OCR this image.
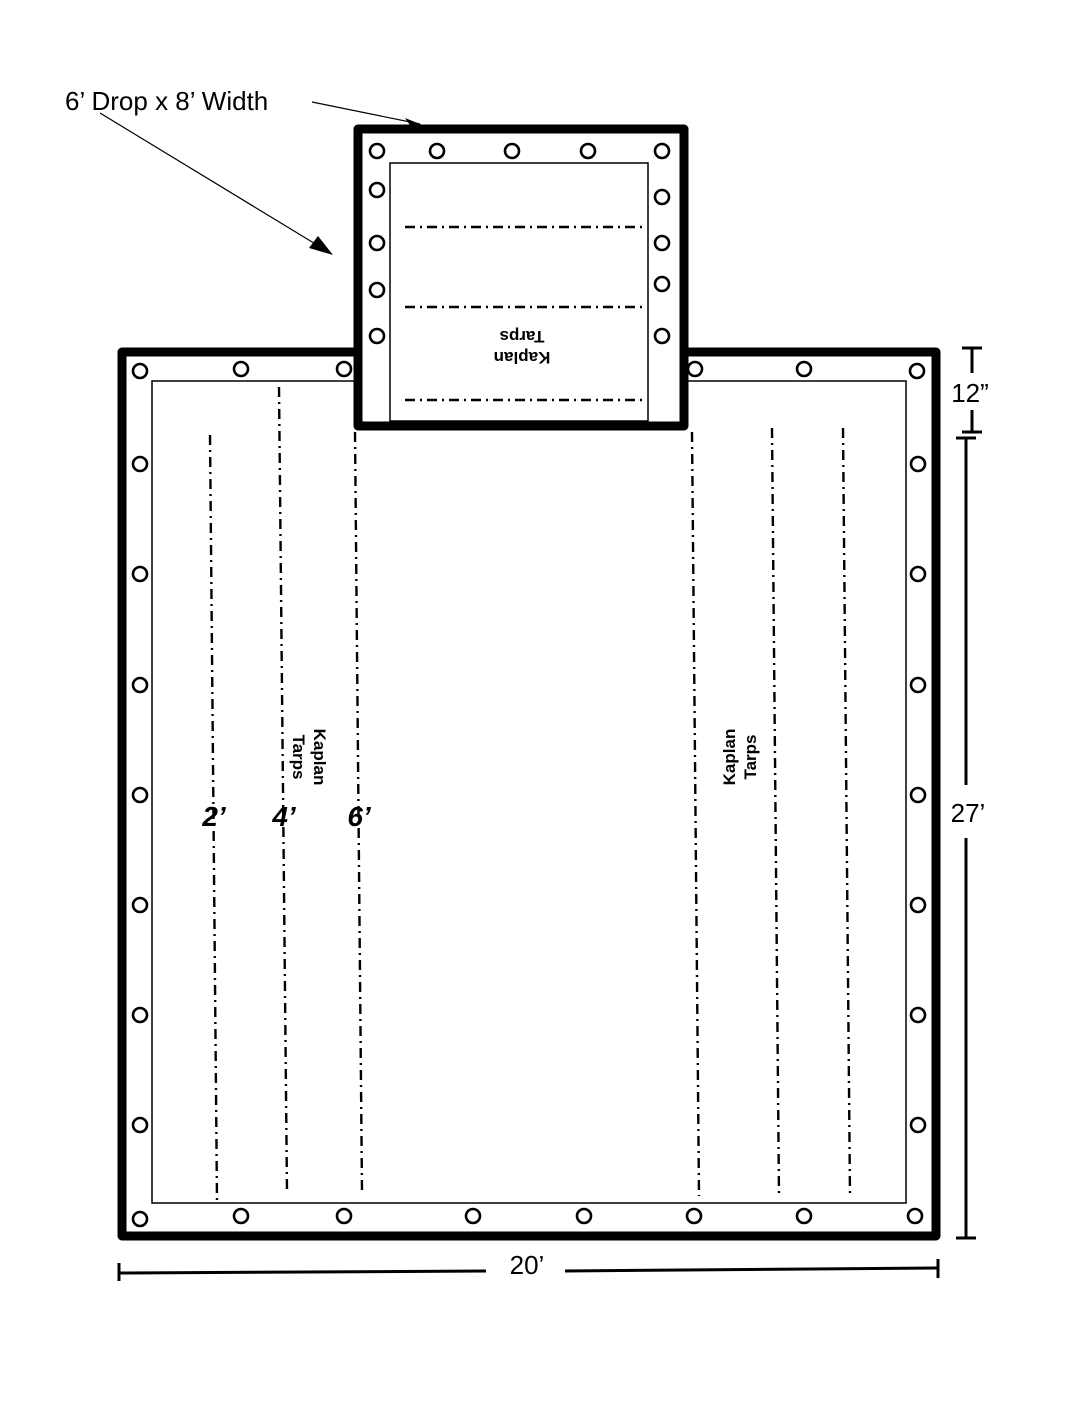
6’ Drop x 8’ Width
Kaplan
Tarps	Kaplan Tarps
2’ 4’ 6’
Kaplan
Tarps
12”
27’
20’
